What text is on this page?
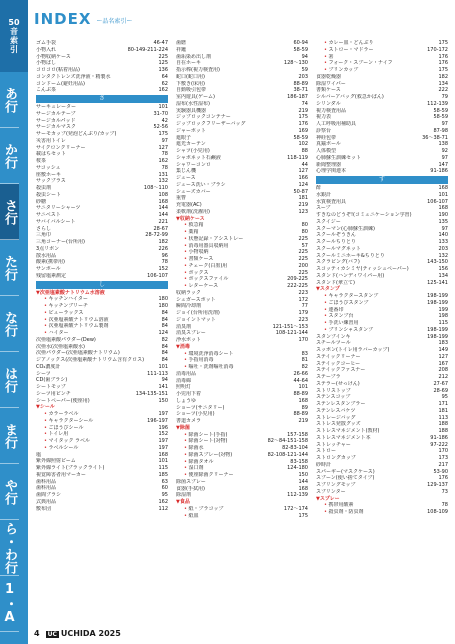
50
音
索
引
あ行
か行
さ行
た行
な行
は行
ま行
や行
ら・わ行
1・A
INDEX ー品名索引ー
ゴム手袋	46-47
小物入れ	80-149-211-224
小物収納ケース	225
小物ばし	125
コロコロ(粘着用品)	136
コンタクトレンズ洗浄液・精製水	64
コンドーム(避妊用品)	62
こんぶ茶	162
さ
サーキュレーター	101
サージカルテープ	31-70
サージカルパッド	42
サージカルマスク	52-56
サーモカップ(発泡どんぶり/カップ)	175
災害用トイレ	97
サイクロンクリーナー	127
載はちセット	78
桜茶	162
サコッシュ	78
座敷ホーキ	131
サックプラス	132
殺虫剤	108〜110
殺虫シート	108
砂糖	168
サニタリーシャーツ	144
サニベスト	144
サバイバルシート	221
さらし	28-67
三角巾	28-72-99
三角コーナー(台所用)	182
3点リボン	226
散水用品	96
酸素(携帯用)	78
サンボール	152
残留塩素測定	106-107
し
▼次亜塩素酸ナトリウム水溶液
• キッチンハイター	180
• キッチンブリーチ	180
• ピューラックス	84
• 次亜塩素酸ナトリウム溶液	84
• 次亜塩素酸ナトリウム製剤	84
• ハイター	124
次亜塩素酸パウダー(Dew)	82
次亜水(次亜塩素酸水)	84
次亜パウダー(次亜塩素酸ナトリウム)	84
ジアノックス(次亜塩素酸ナトリウム含有クロス)	84
CO₂濃度計	101
シーツ	111-113
CD(歯ブラシ)	94
シートモップ	141
シーツ用ピンチ	134-135-151
シートペーパー(便座用)	150
▼シール
• カラーラベル	197
• キャラクターシール	196-197
• ごほうびシール	196
• トイレ用	152
• マイタック ラベル	197
• ラベルシール	197
塩	168
紫外線照射ビーム	101
紫外線ライト(ブラックライト)	115
視覚障害者用マーカー	185
歯科用品	63
歯科用品	60
歯間ブラシ	95
式典用品	162
敷布団	112
歯磨	60-94
祥鑞	58-59
歯垢染め出し剤	94
自在ホーキ	128〜130
指示棒(視力検査用)	59
蛇口(蛇口用)	203
下敷き(床用)	88-89
自動吸引包帯	38-71
室内遊具(ゲーム)	186-187
湿布(水性湿布)	74
実験器具機器	219
ジップロックコンテナー	175
ジップロックフリーザーバッグ	176
ジャーポット	169
遮眼子	58-59
遮光カーテン	102
シャツ(小児用)	88
シャボネット石鹸液	118-119
シャワーコンロ	44
集じん機	127
ジュース	166
ジュース洗い・ブラシ	124
シューズカバー	50-87
重曹	181
充電器(AC)	219
柔軟剤(洗濯用)	123
▼収納ケース
• 救急箱	80
• 薬箱	80
• 状態記録・アシストレー	225
• 消毒用器具収納用	57
• 小物収納	225
• 書類ケース	225
• チェーク(白墨)用	200
• ボックス	225
• ボックスファイル	209-225
• レターケース	222-225
収納ラック	223
シュガースポット	172
瞬間冷却剤	77
ジョイ(台所用洗剤)	179
ジョイントマット	223
消臭剤	121-151〜153
消臭スプレー	108-121-144
浄水ポット	170
▼消毒
• 環境洗浄消毒シート	83
• 手指用消毒	81
• 嘔吐・洗剤嘔吐消毒	82
消毒用品	26-66
消毒綿	44-64
照明灯	101
小児用下着	88-89
しょうゆ	168
ショーツ(サニタリー)	89
ショーツ(小児用)	88-89
書道カメラ	219
▼除菌
• 除菌シート(手指)	157-158
• 除菌シート(対物)	82〜84-151-158
• 除菌水	82-83-104
• 除菌スプレー(対物)	82-108-121-144
• 除菌タオル	83-158
• 湿口剤	124-180
• 便座除菌クリーナー	150
除菌スプレー	144
食器(手拭用)	168
除湿剤	112-139
▼食品
• 紙・プラコップ	172〜174
• 紙皿	175
• カレー皿・どんぶり	175
• ストロー・マドラー	170-172
• 箸	176
• フォーク・スプーン・ナイフ	176
• プリンカップ	175
食器乾燥器	182
除湿ワイパー	134
書類ケース	222
シルバーアバッグ(救急かばん)	79
シリンダル	112-139
視力検査用品	58-59
視力表	58-59
人工呼吸用補助具	97
診察台	87-98
神経包帯	36〜38-71
真鍮ボール	138
人体模型	92
心肺蘇生訓練セット	97
新聞整理器	147
心理学関連本	91-186
す
酢	168
水銀計	101
水質検査用具	106-107
スープ	168
すきなのどうぞ!(コミュニケーション学習)	190
スクイジー	135
スクーマン(心肺蘇生訓練)	97
スクールぞうきん	140
スクールちりとり	133
スクールマグネット	203
スクールミニホーキ&ちりとり	132
スクラビング(バフ)	143-150
スコッティカシミヤ(ティッシュペーパー)	156
スタンド(ハンディワイパー用)	134
スタンド(傘立て)	125-141
▼スタンプ
• キャラクタースタンプ	198-199
• ごほうびスタンプ	198-199
• 連番印	199
• スタンプ台	198
• 手洗い練習用	115
• ブリンシャスタンプ	198-199
スタンプインキ	198-199
スチールツール	183
スッポン(トイレ用ラバーカップ)	149
ステイックリーナー	127
ステイックコーヒー	167
ステイックファスナー	208
ステープラ	212
ステラー(せっけん)	27-67
ストリストップ	28-69
ステンスコップ	95
ステンレスタンブラー	171
ステンレスバケツ	181
ストレージバッグ	113
ストレス発散グッズ	188
ストレスマネジメント(教材)	188
ストレスマネジメント本	91-186
ストレッチャー	97-222
ストロー	170
ストロングカップ	173
砂時計	217
スパーギー(マスクケース)	53-90
スプーン(使い捨てタイプ)	176
スプリングモップ	129-137
スプリンター	73
▼スプレー
• 携帯用酸素	78
• 殺虫剤・防虫剤	108-109
4	UC UCHIDA 2025
